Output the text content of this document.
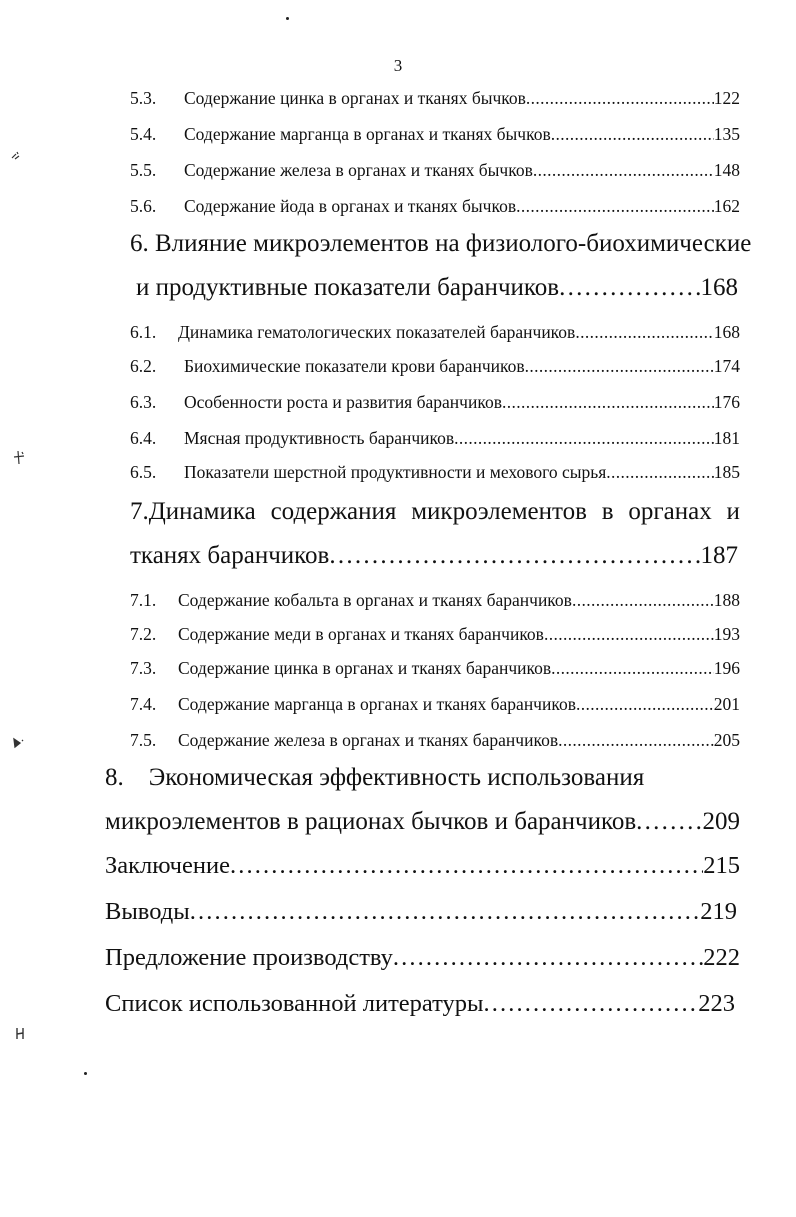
3
5.3.	Содержание цинка в органах и тканях бычков . . .	122
5.4.	Содержание марганца в органах и тканях бычков . . .	135
5.5.	Содержание железа в органах и тканях бычков . . .	148
5.6.	Содержание йода в органах и тканях бычков . . .	162
6. Влияние микроэлементов на физиолого-биохимические
и продуктивные показатели баранчиков . . .	168
6.1.	Динамика гематологических показателей баранчиков . . .	168
6.2.	Биохимические показатели крови баранчиков . . .	174
6.3.	Особенности роста и развития баранчиков . . .	176
6.4.	Мясная продуктивность баранчиков . . .	181
6.5.	Показатели шерстной продуктивности и мехового сырья . . .	185
7.Динамика содержания микроэлементов в органах и
тканях баранчиков . . .	187
7.1.	Содержание кобальта в органах и тканях баранчиков . . .	188
7.2.	Содержание меди в органах и тканях баранчиков . . .	193
7.3.	Содержание цинка в органах и тканях баранчиков . . .	196
7.4.	Содержание марганца в органах и тканях баранчиков . . .	201
7.5.	Содержание железа в органах и тканях баранчиков . . .	205
8.    Экономическая эффективность использования
микроэлементов в рационах бычков и баранчиков . . .	209
Заключение . . .	215
Выводы . . .	219
Предложение производству . . .	222
Список использованной литературы . . .	223
